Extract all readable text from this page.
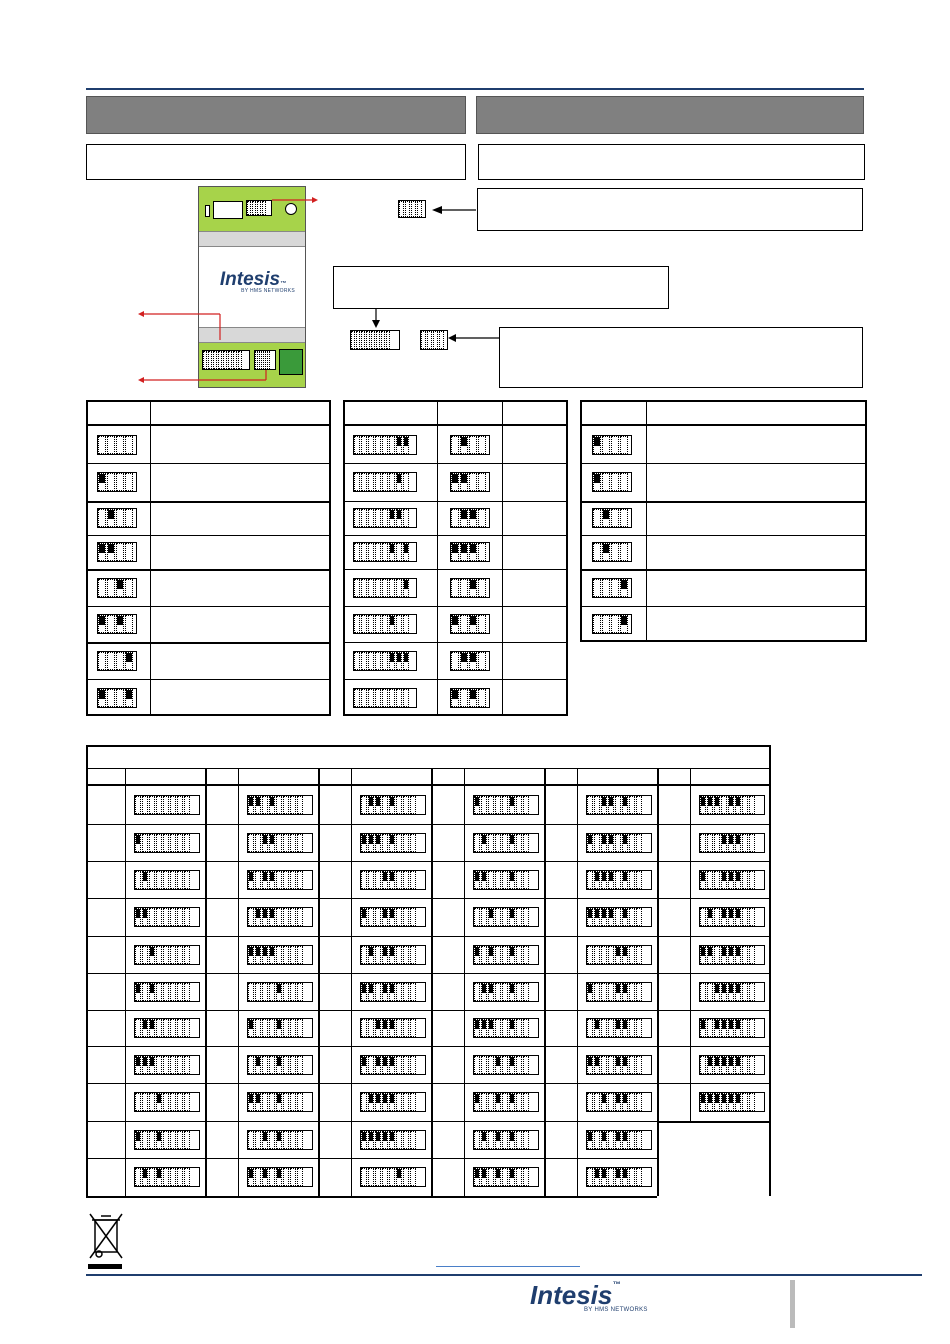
Intesis™
BY HMS NETWORKS
Intesis™
BY HMS NETWORKS
